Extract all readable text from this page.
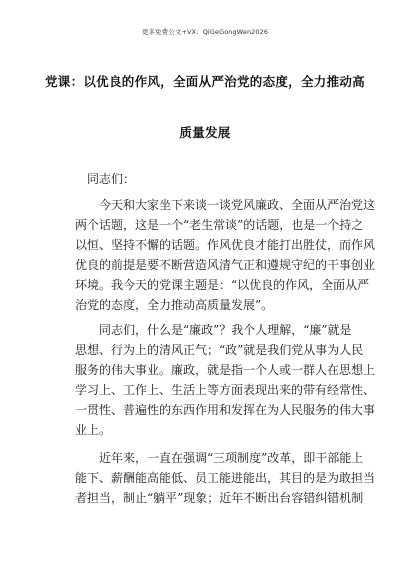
更多免费公文+VX：QiGeGongWen2026
党课：以优良的作风，全面从严治党的态度，全力推动高
质量发展
同志们：
今天和大家坐下来谈一谈党风廉政、全面从严治党这
两个话题，这是一个“老生常谈”的话题，也是一个持之
以恒、坚持不懈的话题。作风优良才能打出胜仗，而作风
优良的前提是要不断营造风清气正和遵规守纪的干事创业
环境。我今天的党课主题是：“以优良的作风，全面从严
治党的态度，全力推动高质量发展”。
同志们，什么是“廉政”？我个人理解，“廉”就是
思想、行为上的清风正气；“政”就是我们党从事为人民
服务的伟大事业。廉政，就是指一个人或一群人在思想上
学习上、工作上、生活上等方面表现出来的带有经常性、
一贯性、普遍性的东西作用和发挥在为人民服务的伟大事
业上。
近年来，一直在强调“三项制度”改革，即干部能上
能下、薪酬能高能低、员工能进能出，其目的是为敢担当
者担当，制止“躺平”现象；近年不断出台容错纠错机制
